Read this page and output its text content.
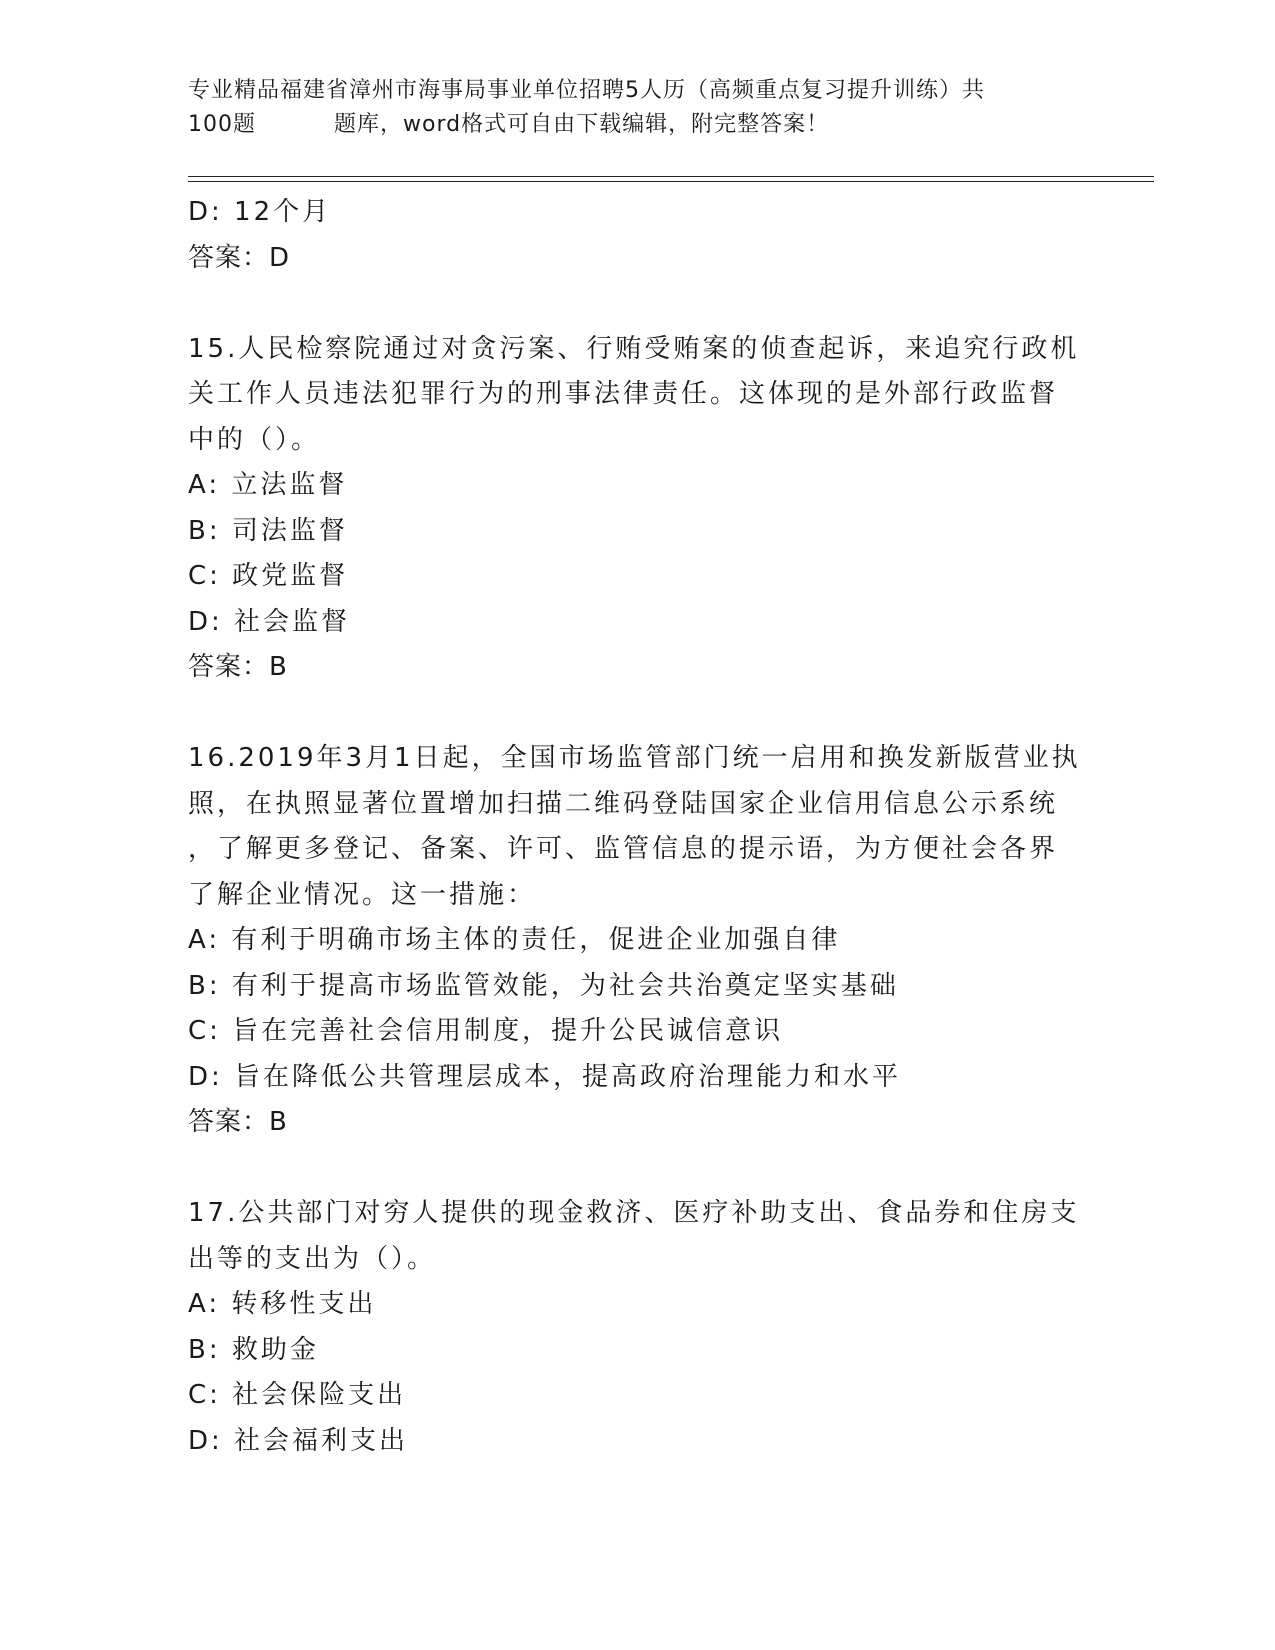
专业精品福建省漳州市海事局事业单位招聘5人历（高频重点复习提升训练）共
100题	题库，word格式可自由下载编辑，附完整答案！
D: 12个月
答案：D
15.人民检察院通过对贪污案、行贿受贿案的侦查起诉，来追究行政机
关工作人员违法犯罪行为的刑事法律责任。这体现的是外部行政监督
中的（）。
A: 立法监督
B: 司法监督
C: 政党监督
D: 社会监督
答案：B
16.2019年3月1日起，全国市场监管部门统一启用和换发新版营业执
照，在执照显著位置增加扫描二维码登陆国家企业信用信息公示系统
，了解更多登记、备案、许可、监管信息的提示语，为方便社会各界
了解企业情况。这一措施：
A: 有利于明确市场主体的责任，促进企业加强自律
B: 有利于提高市场监管效能，为社会共治奠定坚实基础
C: 旨在完善社会信用制度，提升公民诚信意识
D: 旨在降低公共管理层成本，提高政府治理能力和水平
答案：B
17.公共部门对穷人提供的现金救济、医疗补助支出、食品券和住房支
出等的支出为（）。
A: 转移性支出
B: 救助金
C: 社会保险支出
D: 社会福利支出
